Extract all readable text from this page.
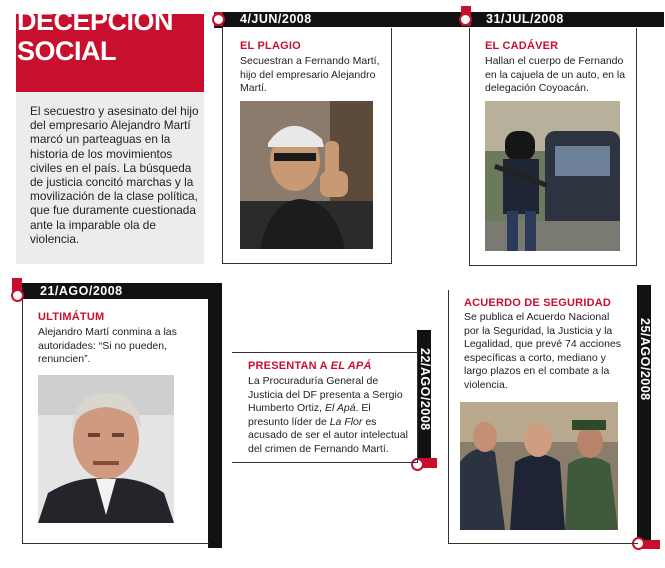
DECEPCIÓN
SOCIAL
El secuestro y asesinato del hijo del empresario Alejandro Martí marcó un parteaguas en la historia de los movimientos civiles en el país. La búsqueda de justicia concitó marchas y la movilización de la clase política, que fue duramente cuestionada ante la imparable ola de violencia.
4/JUN/2008	31/JUL/2008
EL PLAGIO
Secuestran a Fernando Martí, hijo del empresario Alejandro Martí.
EL CADÁVER
Hallan el cuerpo de Fernando en la cajuela de un auto, en la delegación Coyoacán.
21/AGO/2008
ULTIMÁTUM
Alejandro Martí conmina a las autoridades: “Si no pueden, renuncien”.	22/AGO/2008
PRESENTAN A EL APÁ
La Procuraduría General de Justicia del DF presenta a Sergio Humberto Ortiz, El Apá. El presunto líder de La Flor es acusado de ser el autor intelectual del crimen de Fernando Martí.
25/AGO/2008
ACUERDO DE SEGURIDAD
Se publica el Acuerdo Nacional por la Seguridad, la Justicia y la Legalidad, que prevé 74 acciones específicas a corto, mediano y largo plazos en el combate a la violencia.
